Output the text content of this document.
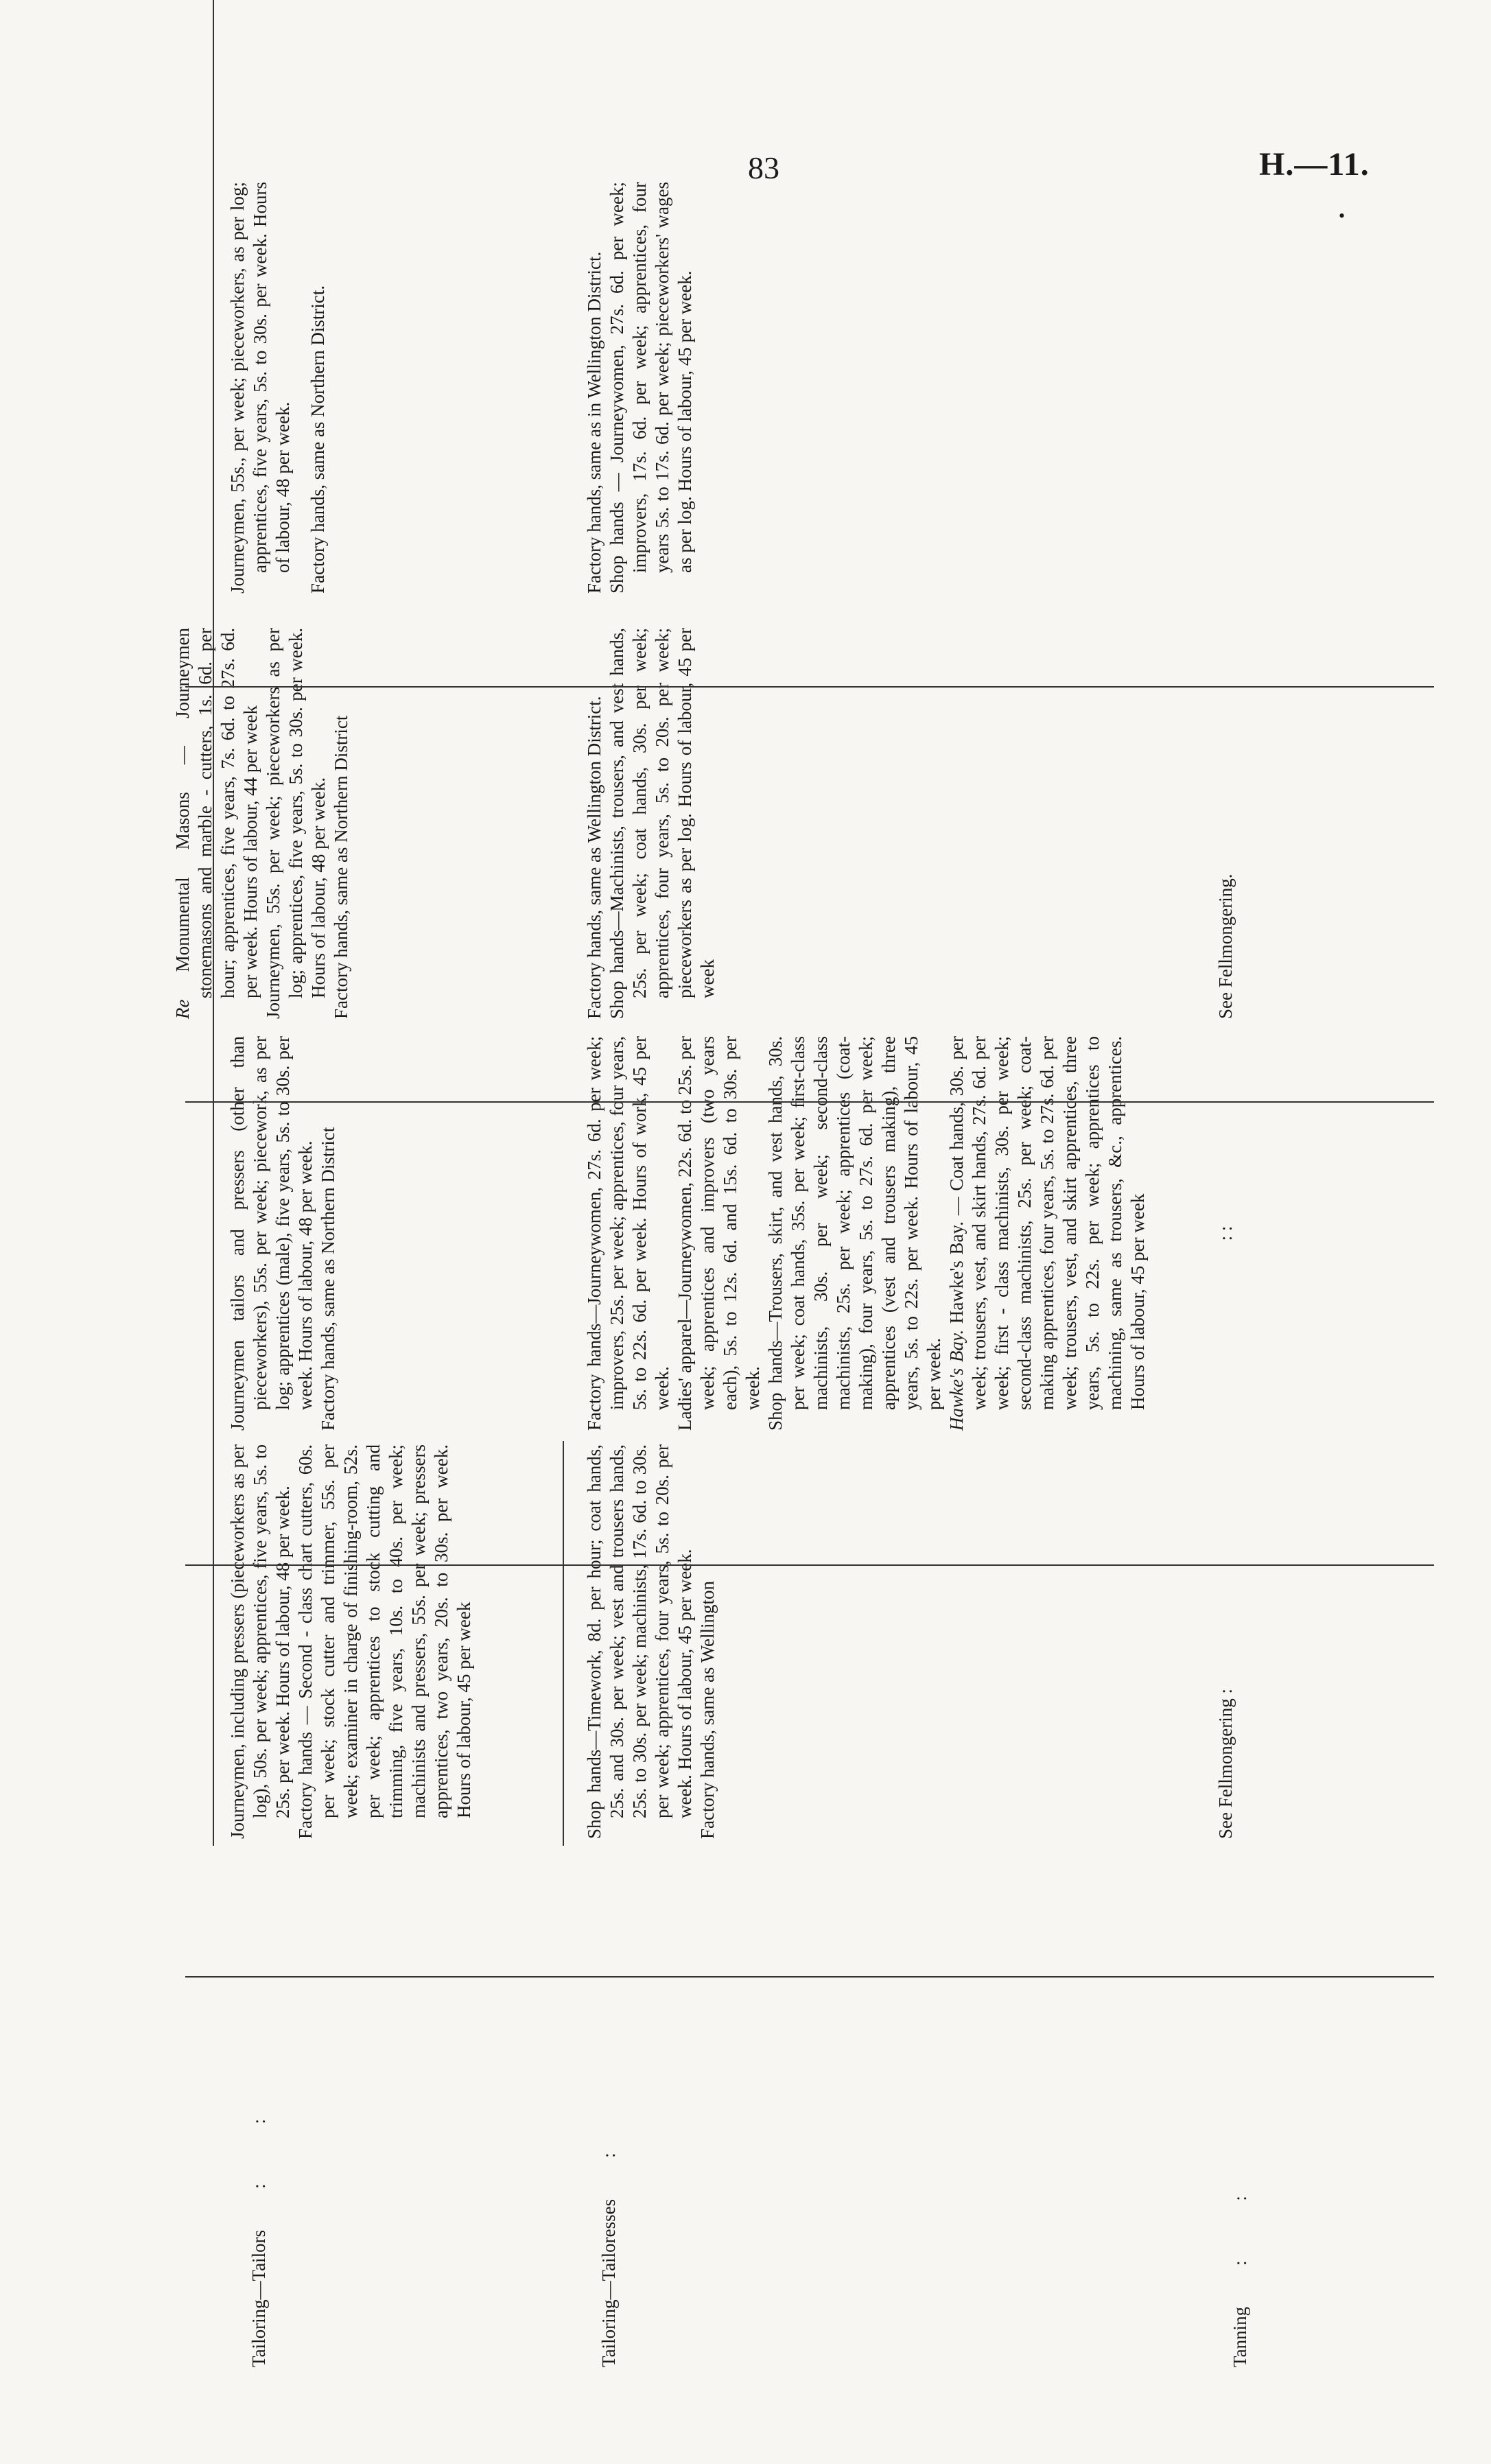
83	H.—11.
•
Tailoring—Tailors: :

Journeymen, including pressers (pieceworkers as per log), 50s. per week; apprentices, five years, 5s. to 25s. per week. Hours of labour, 48 per week. Factory hands — Second - class chart cutters, 60s. per week; stock cutter and trimmer, 55s. per week; examiner in charge of finishing-room, 52s. per week; apprentices to stock cutting and trimming, five years, 10s. to 40s. per week; machinists and pressers, 55s. per week; pressers apprentices, two years, 20s. to 30s. per week. Hours of labour, 45 per week

Journeymen tailors and pressers (other than pieceworkers), 55s. per week; piecework, as per log; apprentices (male), five years, 5s. to 30s. per week. Hours of labour, 48 per week. Factory hands, same as Northern District

Re Monumental Masons — Journeymen stonemasons and marble - cutters, 1s. 6d. per hour; apprentices, five years, 7s. 6d. to 27s. 6d. per week. Hours of labour, 44 per week Journeymen, 55s. per week; pieceworkers as per log; apprentices, five years, 5s. to 30s. per week. Hours of labour, 48 per week. Factory hands, same as Northern District

Journeymen, 55s., per week; pieceworkers, as per log; apprentices, five years, 5s. to 30s. per week. Hours of labour, 48 per week. Factory hands, same as Northern District.

Tailoring—Tailoresses:

Shop hands—Timework, 8d. per hour; coat hands, 25s. and 30s. per week; vest and trousers hands, 25s. to 30s. per week; machinists, 17s. 6d. to 30s. per week; apprentices, four years, 5s. to 20s. per week. Hours of labour, 45 per week. Factory hands, same as Wellington

Factory hands—Journeywomen, 27s. 6d. per week; improvers, 25s. per week; apprentices, four years, 5s. to 22s. 6d. per week. Hours of work, 45 per week. Ladies' apparel—Journeywomen, 22s. 6d. to 25s. per week; apprentices and improvers (two years each), 5s. to 12s. 6d. and 15s. 6d. to 30s. per week. Shop hands—Trousers, skirt, and vest hands, 30s. per week; coat hands, 35s. per week; first-class machinists, 30s. per week; second-class machinists, 25s. per week; apprentices (coat-making), four years, 5s. to 27s. 6d. per week; apprentices (vest and trousers making), three years, 5s. to 22s. per week. Hours of labour, 45 per week. Hawke's Bay. Hawke's Bay. — Coat hands, 30s. per week; trousers, vest, and skirt hands, 27s. 6d. per week; first - class machinists, 30s. per week; second-class machinists, 25s. per week; coat-making apprentices, four years, 5s. to 27s. 6d. per week; trousers, vest, and skirt apprentices, three years, 5s. to 22s. per week; apprentices to machining, same as trousers, &c., apprentices. Hours of labour, 45 per week

Factory hands, same as Wellington District. Shop hands—Machinists, trousers, and vest hands, 25s. per week; coat hands, 30s. per week; apprentices, four years, 5s. to 20s. per week; pieceworkers as per log. Hours of labour, 45 per week

Factory hands, same as in Wellington District. Shop hands — Journeywomen, 27s. 6d. per week; improvers, 17s. 6d. per week; apprentices, four years 5s. to 17s. 6d. per week; pieceworkers' wages as per log. Hours of labour, 45 per week.

Tanning: :

See Fellmongering :

: :

See Fellmongering.
